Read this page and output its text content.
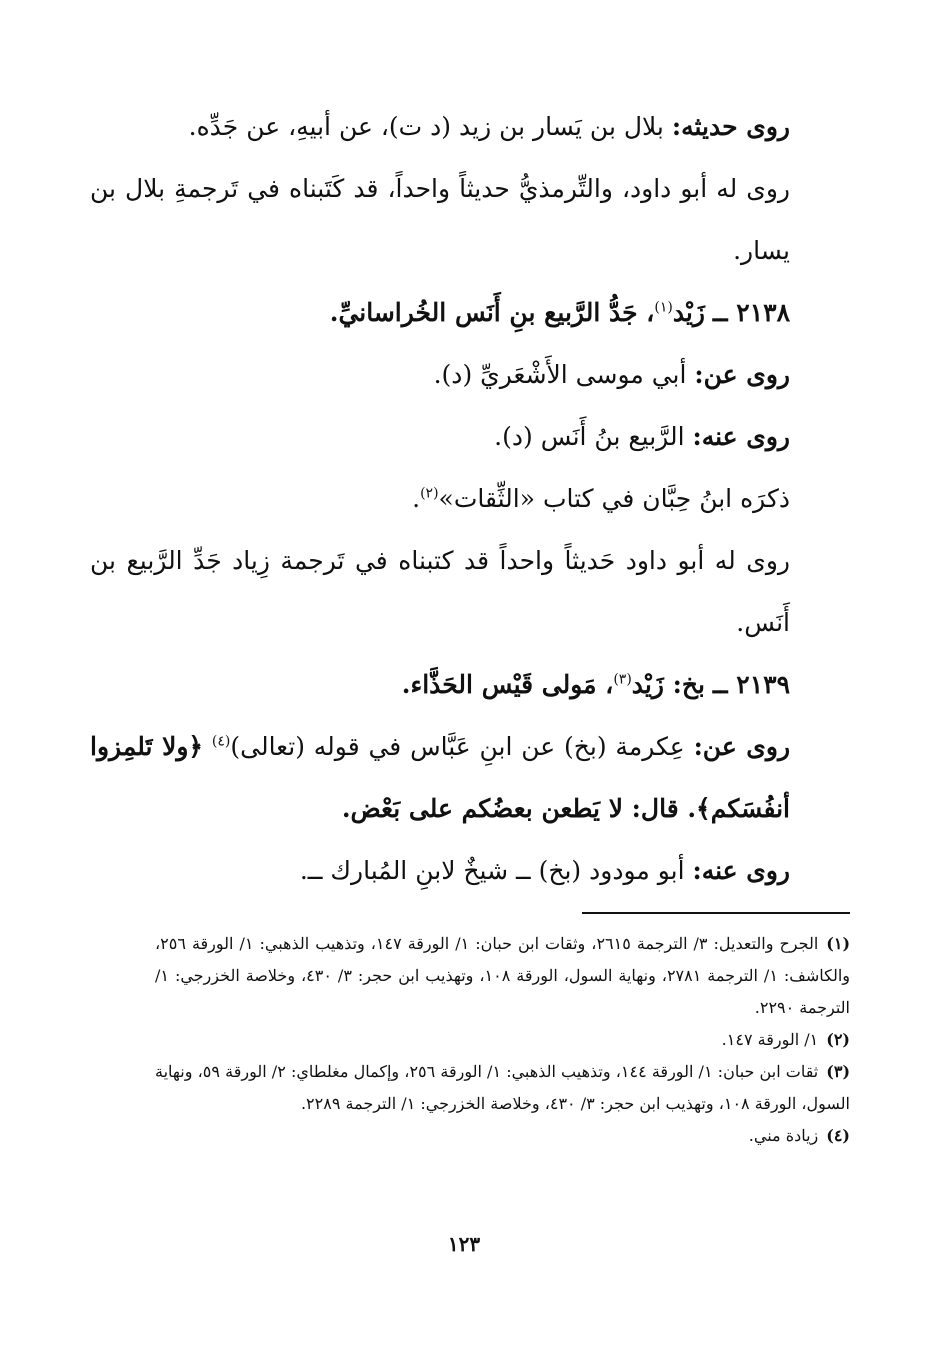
روى حديثه: بلال بن يَسار بن زيد (د ت)، عن أبيهِ، عن جَدِّه.

روى له أبو داود، والتِّرمذيُّ حديثاً واحداً، قد كَتَبناه في تَرجمةِ بلال بن يسار.

٢١٣٨ ــ زَيْد$^{(١)}$، جَدُّ الرَّبيع بنِ أَنَس الخُراسانيِّ.

روى عن: أبي موسى الأَشْعَريِّ (د).

روى عنه: الرَّبيع بنُ أَنَس (د).

ذكرَه ابنُ حِبَّان في كتاب «الثِّقات»$^{(٢)}$.

روى له أبو داود حَديثاً واحداً قد كتبناه في تَرجمة زِياد جَدِّ الرَّبيع بن أَنَس.

٢١٣٩ ــ بخ: زَيْد$^{(٣)}$، مَولى قَيْس الحَذَّاء.

روى عن: عِكرمة (بخ) عن ابنِ عَبَّاس في قوله (تعالى)$^{(٤)}$ ﴿ولا تَلمِزوا أنفُسَكم﴾. قال: لا يَطعن بعضُكم على بَعْض.

روى عنه: أبو مودود (بخ) ــ شيخٌ لابنِ المُبارك ــ.

(١)الجرح والتعديل: ٣/ الترجمة ٢٦١٥، وثقات ابن حبان: ١/ الورقة ١٤٧، وتذهيب الذهبي: ١/ الورقة ٢٥٦، والكاشف: ١/ الترجمة ٢٧٨١، ونهاية السول، الورقة ١٠٨، وتهذيب ابن حجر: ٣/ ٤٣٠، وخلاصة الخزرجي: ١/ الترجمة ٢٢٩٠.

(٢)١/ الورقة ١٤٧.

(٣)ثقات ابن حبان: ١/ الورقة ١٤٤، وتذهيب الذهبي: ١/ الورقة ٢٥٦، وإكمال مغلطاي: ٢/ الورقة ٥٩، ونهاية السول، الورقة ١٠٨، وتهذيب ابن حجر: ٣/ ٤٣٠، وخلاصة الخزرجي: ١/ الترجمة ٢٢٨٩.

(٤)زيادة مني.

١٢٣
